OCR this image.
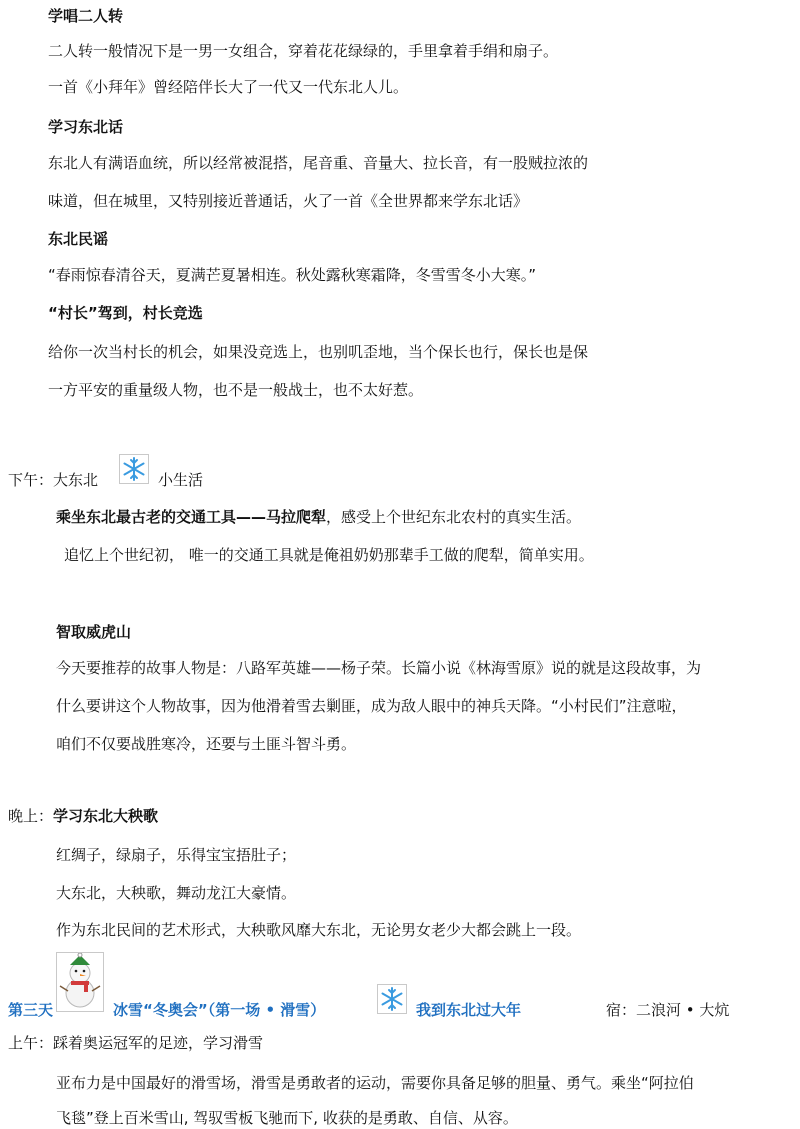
学唱二人转
二人转一般情况下是一男一女组合，穿着花花绿绿的，手里拿着手绢和扇子。
一首《小拜年》曾经陪伴长大了一代又一代东北人儿。
学习东北话
东北人有满语血统，所以经常被混搭，尾音重、音量大、拉长音，有一股贼拉浓的
味道，但在城里，又特别接近普通话，火了一首《全世界都来学东北话》
东北民谣
“春雨惊春清谷天，夏满芒夏暑相连。秋处露秋寒霜降，冬雪雪冬小大寒。”
“村长”驾到，村长竞选
给你一次当村长的机会，如果没竞选上，也别叽歪地，当个保长也行，保长也是保
一方平安的重量级人物，也不是一般战士，也不太好惹。
下午：大东北	小生活
乘坐东北最古老的交通工具——马拉爬犁，感受上个世纪东北农村的真实生活。
追忆上个世纪初， 唯一的交通工具就是俺祖奶奶那辈手工做的爬犁，简单实用。
智取威虎山
今天要推荐的故事人物是：八路军英雄——杨子荣。长篇小说《林海雪原》说的就是这段故事，为
什么要讲这个人物故事，因为他滑着雪去剿匪，成为敌人眼中的神兵天降。“小村民们”注意啦，
咱们不仅要战胜寒冷，还要与土匪斗智斗勇。
晚上：学习东北大秧歌
红绸子，绿扇子，乐得宝宝捂肚子；
大东北，大秧歌，舞动龙江大豪情。
作为东北民间的艺术形式，大秧歌风靡大东北，无论男女老少大都会跳上一段。
第三天	冰雪“冬奥会”（第一场 • 滑雪）	我到东北过大年	宿：二浪河 • 大炕
上午：踩着奥运冠军的足迹，学习滑雪
亚布力是中国最好的滑雪场，滑雪是勇敢者的运动，需要你具备足够的胆量、勇气。乘坐“阿拉伯
飞毯”登上百米雪山, 驾驭雪板飞驰而下, 收获的是勇敢、自信、从容。
